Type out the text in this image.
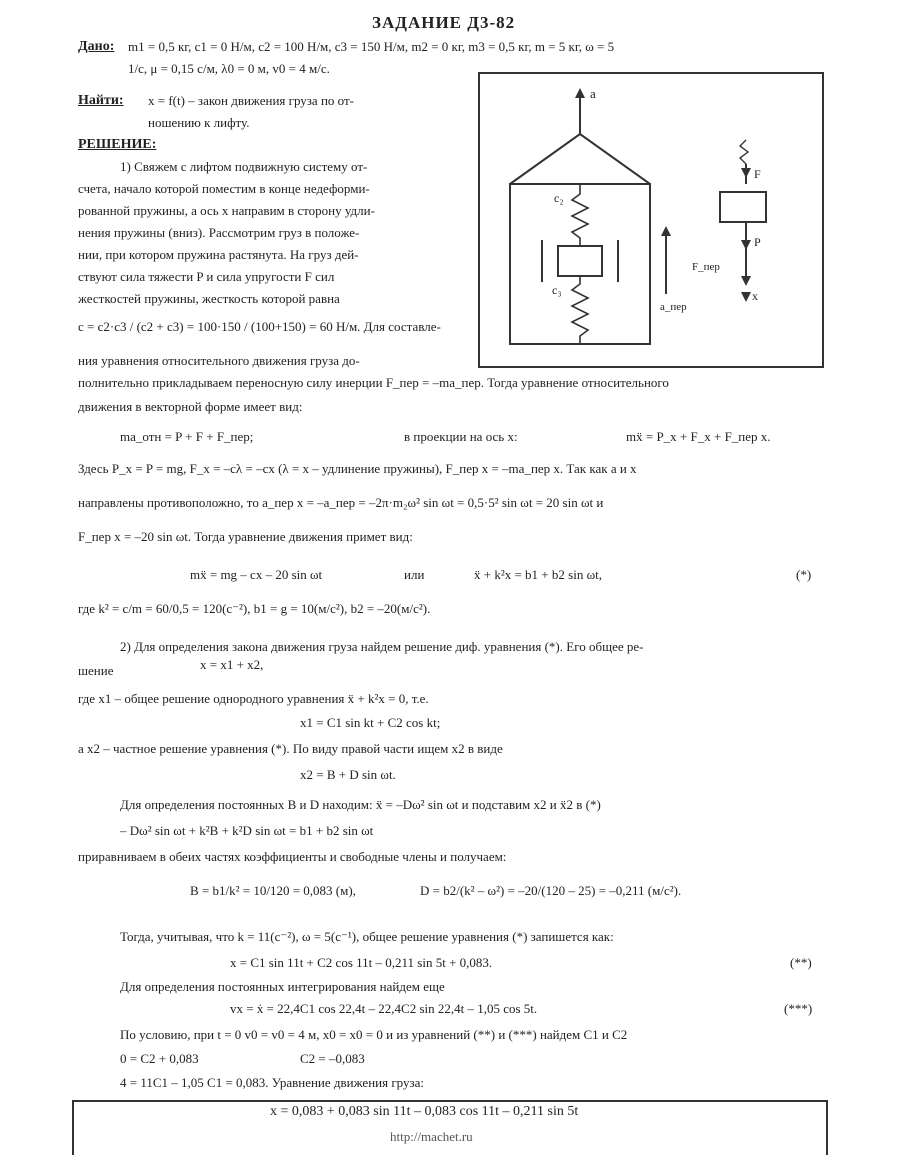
ЗАДАНИЕ Д3-82
Дано: m1 = 0,5 кг, c1 = 0 Н/м, c2 = 100 Н/м, c3 = 150 Н/м, m2 = 0 кг, m3 = 0,5 кг, m = 5 кг, ω = 5
1/с, μ = 0,15 с/м, λ0 = 0 м, v0 = 4 м/с.
Найти: x = f(t) – закон движения груза по от-
ношению к лифту.
РЕШЕНИЕ:
1) Свяжем с лифтом подвижную систему от-
счета, начало которой поместим в конце недеформи-
рованной пружины, а ось x направим в сторону удли-
нения пружины (вниз). Рассмотрим груз в положе-
нии, при котором пружина растянута. На груз дей-
ствуют сила тяжести P и сила упругости F сил
жесткостей пружины, жесткость которой равна
c = c2·c3 / (c2 + c3) = 100·150 / (100+150) = 60 H/м. Для составле-
ния уравнения относительного движения груза до-
a
c₂
c₃
a_пер
F
P
F_пер
x
полнительно прикладываем переносную силу инерции F_пер = –ma_пер. Тогда уравнение относительного
движения в векторной форме имеет вид:
ma_отн = P + F + F_пер;	в проекции на ось x:	mẍ = P_x + F_x + F_пер x.
Здесь P_x = P = mg, F_x = –cλ = –cx (λ = x – удлинение пружины), F_пер x = –ma_пер x. Так как a и x
направлены противоположно, то a_пер x = –a_пер = –2π·m₂ω² sin ωt = 0,5·5² sin ωt = 20 sin ωt и
F_пер x = –20 sin ωt. Тогда уравнение движения примет вид:
mẍ = mg – cx – 20 sin ωt	или	ẍ + k²x = b1 + b2 sin ωt,	(*)
где k² = c/m = 60/0,5 = 120(с⁻²), b1 = g = 10(м/с²), b2 = –20(м/с²).
2) Для определения закона движения груза найдем решение диф. уравнения (*). Его общее ре-
шение	x = x1 + x2,
где x1 – общее решение однородного уравнения ẍ + k²x = 0, т.е.
x1 = C1 sin kt + C2 cos kt;
а x2 – частное решение уравнения (*). По виду правой части ищем x2 в виде
x2 = B + D sin ωt.
Для определения постоянных B и D находим: ẍ = –Dω² sin ωt и подставим x2 и ẍ2 в (*)
– Dω² sin ωt + k²B + k²D sin ωt = b1 + b2 sin ωt
приравниваем в обеих частях коэффициенты и свободные члены и получаем:
B = b1/k² = 10/120 = 0,083 (м),	D = b2/(k² – ω²) = –20/(120 – 25) = –0,211 (м/с²).
Тогда, учитывая, что k = 11(с⁻²), ω = 5(с⁻¹), общее решение уравнения (*) запишется как:
x = C1 sin 11t + C2 cos 11t – 0,211 sin 5t + 0,083.	(**)
Для определения постоянных интегрирования найдем еще
vx = ẋ = 22,4C1 cos 22,4t – 22,4C2 sin 22,4t – 1,05 cos 5t.	(***)
По условию, при t = 0 v0 = v0 = 4 м, x0 = x0 = 0 и из уравнений (**) и (***) найдем C1 и C2
0 = C2 + 0,083	C2 = –0,083
4 = 11C1 – 1,05 C1 = 0,083. Уравнение движения груза:
x = 0,083 + 0,083 sin 11t – 0,083 cos 11t – 0,211 sin 5t
http://machet.ru
